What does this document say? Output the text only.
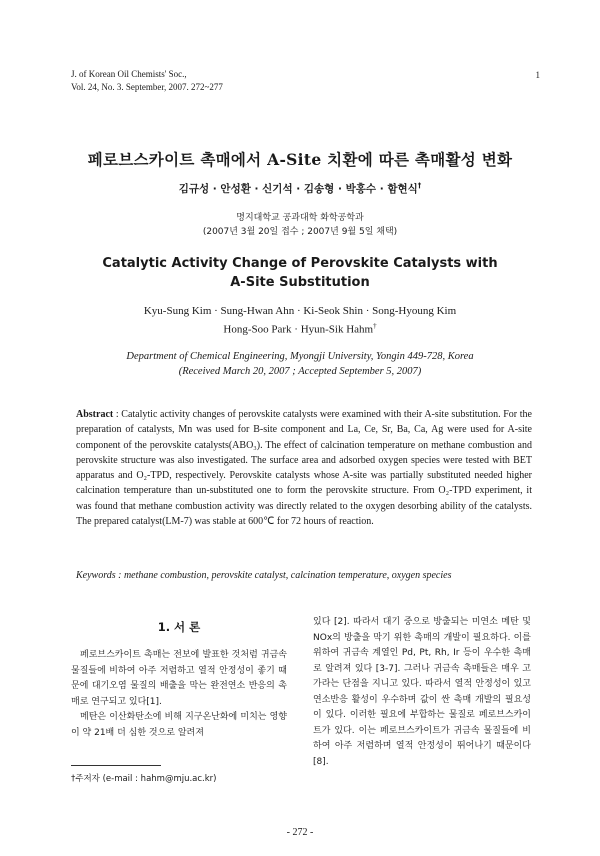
J. of Korean Oil Chemists' Soc.,
Vol. 24, No. 3. September, 2007. 272~277
1
페로브스카이트 촉매에서 A-Site 치환에 따른 촉매활성 변화
김규성 · 안성환 · 신기석 · 김송형 · 박홍수 · 함현식†
명지대학교 공과대학 화학공학과
(2007년 3월 20일 접수 ; 2007년 9월 5일 채택)
Catalytic Activity Change of Perovskite Catalysts with
A-Site Substitution
Kyu-Sung Kim · Sung-Hwan Ahn · Ki-Seok Shin · Song-Hyoung Kim
Hong-Soo Park · Hyun-Sik Hahm†
Department of Chemical Engineering, Myongji University, Yongin 449-728, Korea
(Received March 20, 2007 ; Accepted September 5, 2007)
Abstract : Catalytic activity changes of perovskite catalysts were examined with their A-site substitution. For the preparation of catalysts, Mn was used for B-site component and La, Ce, Sr, Ba, Ca, Ag were used for A-site component of the perovskite catalysts(ABO₃). The effect of calcination temperature on methane combustion and perovskite structure was also investigated. The surface area and adsorbed oxygen species were tested with BET apparatus and O₂-TPD, respectively. Perovskite catalysts whose A-site was partially substituted needed higher calcination temperature than un-substituted one to form the perovskite structure. From O₂-TPD experiment, it was found that methane combustion activity was directly related to the oxygen desorbing ability of the catalysts. The prepared catalyst(LM-7) was stable at 600℃ for 72 hours of reaction.
Keywords : methane combustion, perovskite catalyst, calcination temperature, oxygen species
1. 서 론

페로브스카이트 촉매는 전보에 발표한 것처럼 귀금속 물질들에 비하여 아주 저렴하고 열적 안정성이 좋기 때문에 대기오염 물질의 배출을 막는 완전연소 반응의 촉매로 연구되고 있다[1].

메탄은 이산화탄소에 비해 지구온난화에 미치는 영향이 약 21배 더 심한 것으로 알려져

있다 [2]. 따라서 대기 중으로 방출되는 미연소 메탄 및 NOx의 방출을 막기 위한 촉매의 개발이 필요하다. 이를 위하여 귀금속 계열인 Pd, Pt, Rh, Ir 등이 우수한 촉매로 알려져 있다 [3-7]. 그러나 귀금속 촉매들은 매우 고가라는 단점을 지니고 있다. 따라서 열적 안정성이 있고 연소반응 활성이 우수하며 값이 싼 촉매 개발의 필요성이 있다. 이러한 필요에 부합하는 물질로 페로브스카이트가 있다. 이는 페로브스카이트가 귀금속 물질들에 비하여 아주 저렴하며 열적 안정성이 뛰어나기 때문이다[8].

†주저자 (e-mail : hahm@mju.ac.kr)
- 272 -
